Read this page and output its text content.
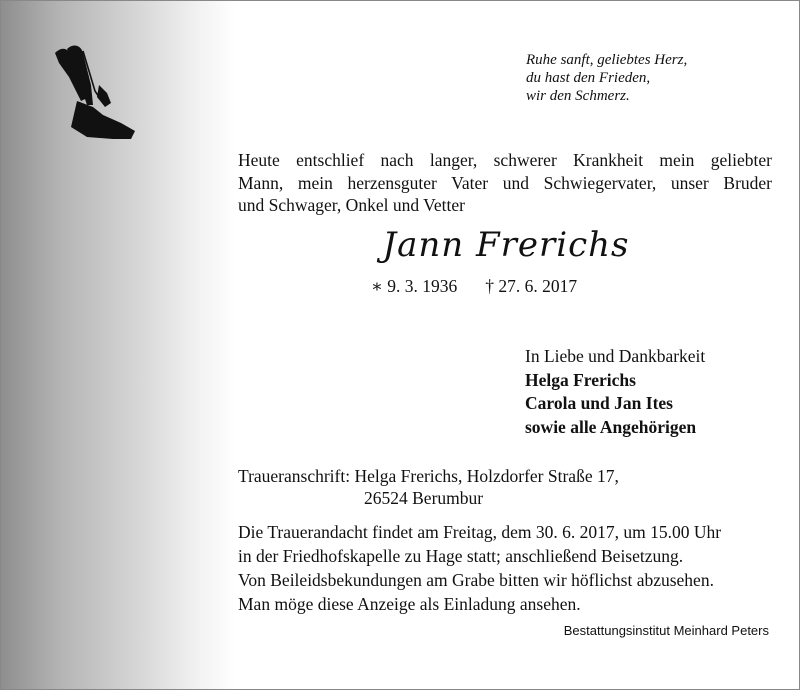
Ruhe sanft, geliebtes Herz,
du hast den Frieden,
wir den Schmerz.
Heute entschlief nach langer, schwerer Krankheit mein geliebter
Mann, mein herzensguter Vater und Schwiegervater, unser Bruder
und Schwager, Onkel und Vetter
Jann Frerichs
∗ 9. 3. 1936 † 27. 6. 2017
In Liebe und Dankbarkeit
Helga Frerichs
Carola und Jan Ites
sowie alle Angehörigen
Traueranschrift: Helga Frerichs, Holzdorfer Straße 17,
26524 Berumbur
Die Trauerandacht findet am Freitag, dem 30. 6. 2017, um 15.00 Uhr
in der Friedhofskapelle zu Hage statt; anschließend Beisetzung.
Von Beileidsbekundungen am Grabe bitten wir höflichst abzusehen.
Man möge diese Anzeige als Einladung ansehen.
Bestattungsinstitut Meinhard Peters
